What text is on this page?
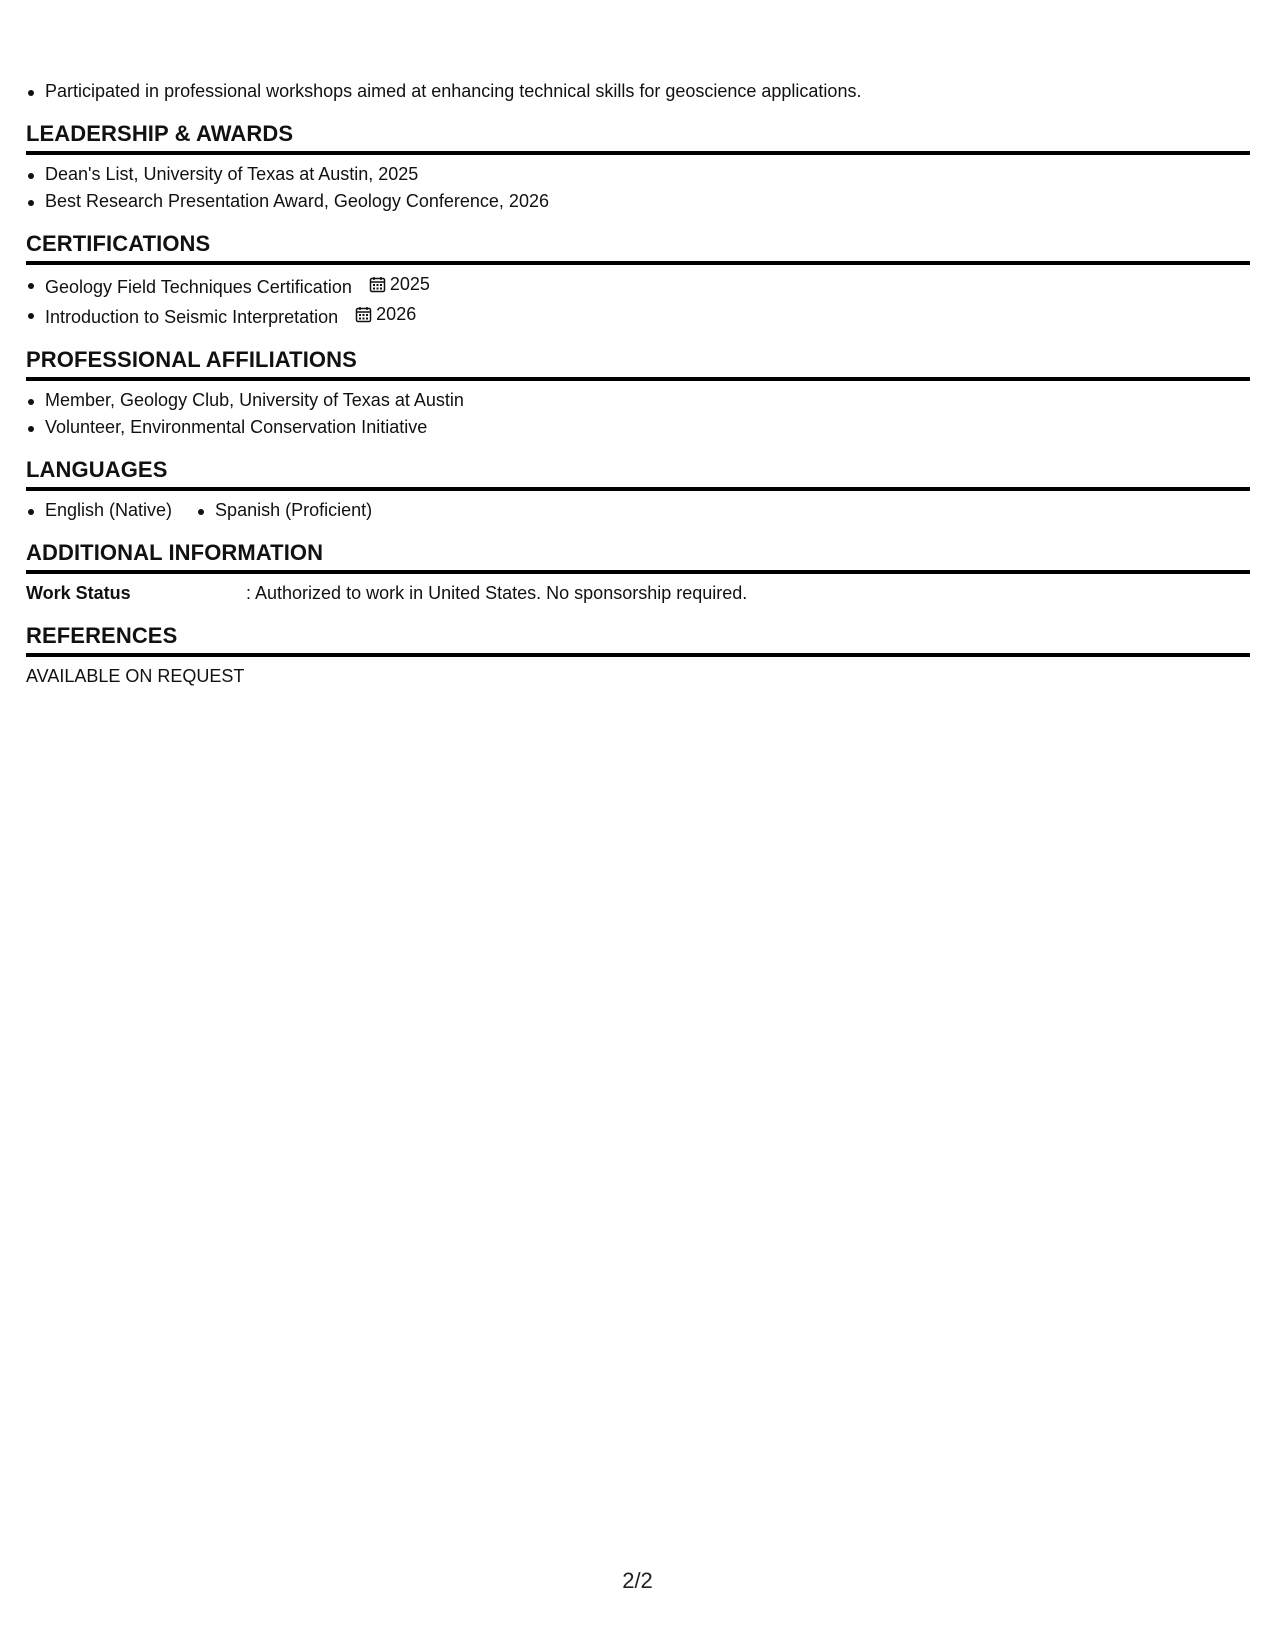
Participated in professional workshops aimed at enhancing technical skills for geoscience applications.
LEADERSHIP & AWARDS
Dean's List, University of Texas at Austin, 2025
Best Research Presentation Award, Geology Conference, 2026
CERTIFICATIONS
Geology Field Techniques Certification 2025
Introduction to Seismic Interpretation 2026
PROFESSIONAL AFFILIATIONS
Member, Geology Club, University of Texas at Austin
Volunteer, Environmental Conservation Initiative
LANGUAGES
English (Native)	Spanish (Proficient)
ADDITIONAL INFORMATION
Work Status	: Authorized to work in United States. No sponsorship required.
REFERENCES
AVAILABLE ON REQUEST
2/2
